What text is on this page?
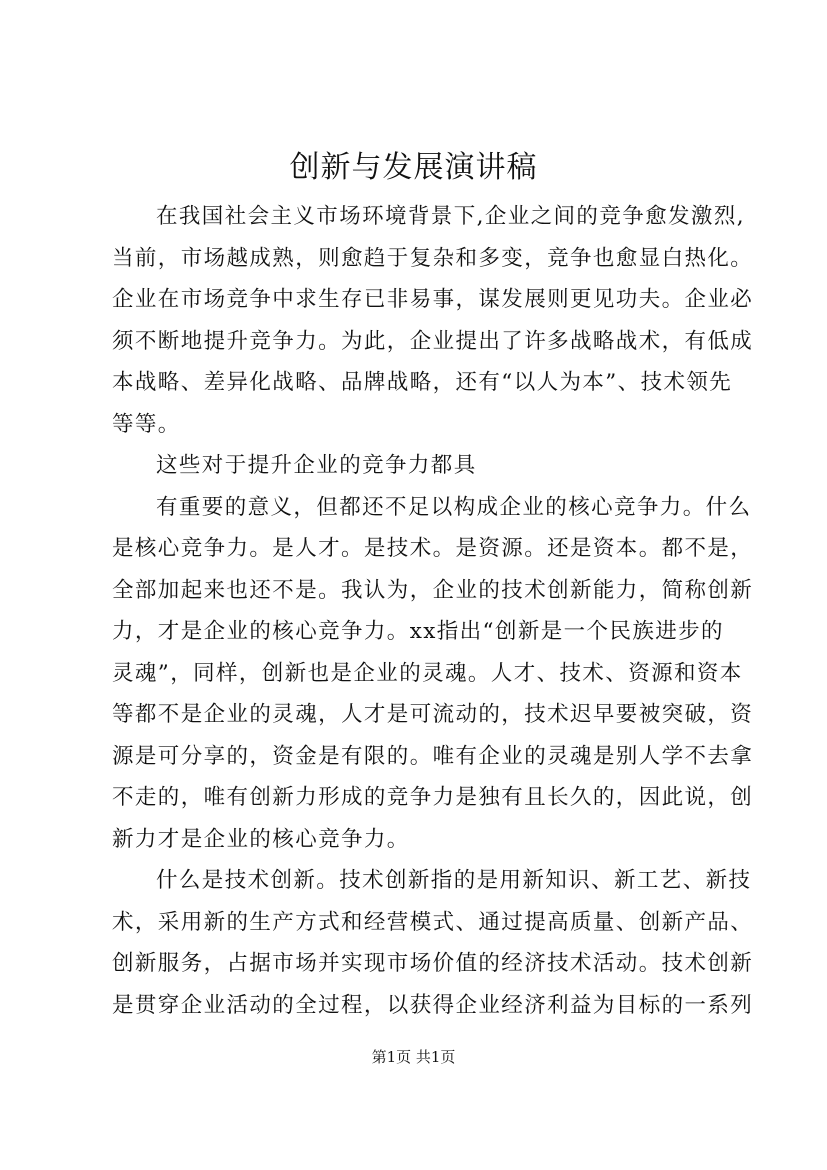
创新与发展演讲稿
在我国社会主义市场环境背景下,企业之间的竞争愈发激烈,
当前，市场越成熟，则愈趋于复杂和多变，竞争也愈显白热化。
企业在市场竞争中求生存已非易事，谋发展则更见功夫。企业必
须不断地提升竞争力。为此，企业提出了许多战略战术，有低成
本战略、差异化战略、品牌战略，还有“以人为本”、技术领先
等等。
这些对于提升企业的竞争力都具
有重要的意义，但都还不足以构成企业的核心竞争力。什么
是核心竞争力。是人才。是技术。是资源。还是资本。都不是，
全部加起来也还不是。我认为，企业的技术创新能力，简称创新
力，才是企业的核心竞争力。xx指出“创新是一个民族进步的
灵魂”，同样，创新也是企业的灵魂。人才、技术、资源和资本
等都不是企业的灵魂，人才是可流动的，技术迟早要被突破，资
源是可分享的，资金是有限的。唯有企业的灵魂是别人学不去拿
不走的，唯有创新力形成的竞争力是独有且长久的，因此说，创
新力才是企业的核心竞争力。
什么是技术创新。技术创新指的是用新知识、新工艺、新技
术，采用新的生产方式和经营模式、通过提高质量、创新产品、
创新服务，占据市场并实现市场价值的经济技术活动。技术创新
是贯穿企业活动的全过程，以获得企业经济利益为目标的一系列
第1页 共1页
